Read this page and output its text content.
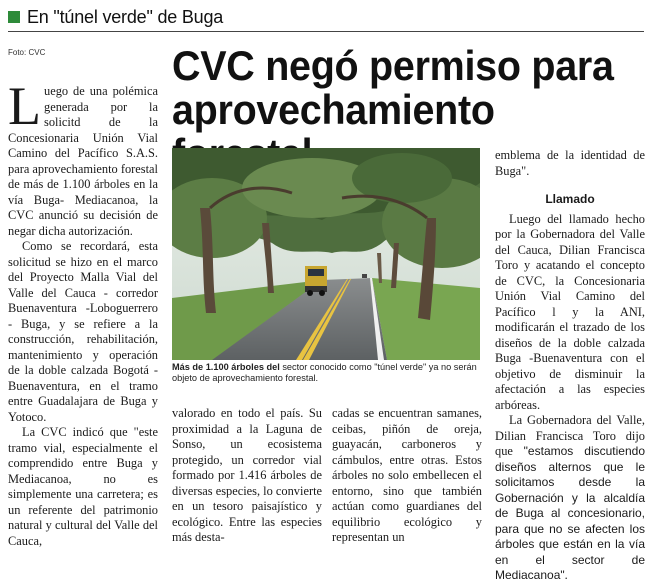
En "túnel verde" de Buga
Foto: CVC	CVC negó permiso para aprovechamiento

Luego de una polémica generada por la solicitd de la Concesionaria Unión Vial Camino del Pacífico S.A.S. para aprovechamiento forestal de más de 1.100 árboles en la vía Buga- Mediacanoa, la CVC anunció su decisión de negar dicha autorización.

Como se recordará, esta solicitud se hizo en el marco del Proyecto Malla Vial del Valle del Cauca - corredor Buenaventura -Loboguerrero - Buga, y se refiere a la construcción, rehabilitación, mantenimiento y operación de la doble calzada Bogotá - Buenaventura, en el tramo entre Guadalajara de Buga y Yotoco.

La CVC indicó que "este tramo vial, especialmente el comprendido entre Buga y Mediacanoa, no es simplemente una carretera; es un referente del patrimonio natural y cultural del Valle del Cauca,

Más de 1.100 árboles del sector conocido como "túnel verde" ya no serán objeto de aprovechamiento forestal.

valorado en todo el país. Su proximidad a la Laguna de Sonso, un ecosistema protegido, un corredor vial formado por 1.416 árboles de diversas especies, lo convierte en un tesoro paisajístico y ecológico. Entre las especies más desta-

cadas se encuentran samanes, ceibas, piñón de oreja, guayacán, carboneros y cámbulos, entre otras. Estos árboles no solo embellecen el entorno, sino que también actúan como guardianes del equilibrio ecológico y representan un

emblema de la identidad de Buga".

Llamado

Luego del llamado hecho por la Gobernadora del Valle del Cauca, Dilian Francisca Toro y acatando el concepto de CVC, la Concesionaria Unión Vial Camino del Pacífico l y la ANI, modificarán el trazado de los diseños de la doble calzada Buga -Buenaventura con el objetivo de disminuir la afectación a las especies arbóreas.

La Gobernadora del Valle, Dilian Francisca Toro dijo que "estamos discutiendo diseños alternos que le solicitamos desde la Gobernación y la alcaldía de Buga al concesionario, para que no se afecten los árboles que están en la vía en el sector de Mediacanoa".
